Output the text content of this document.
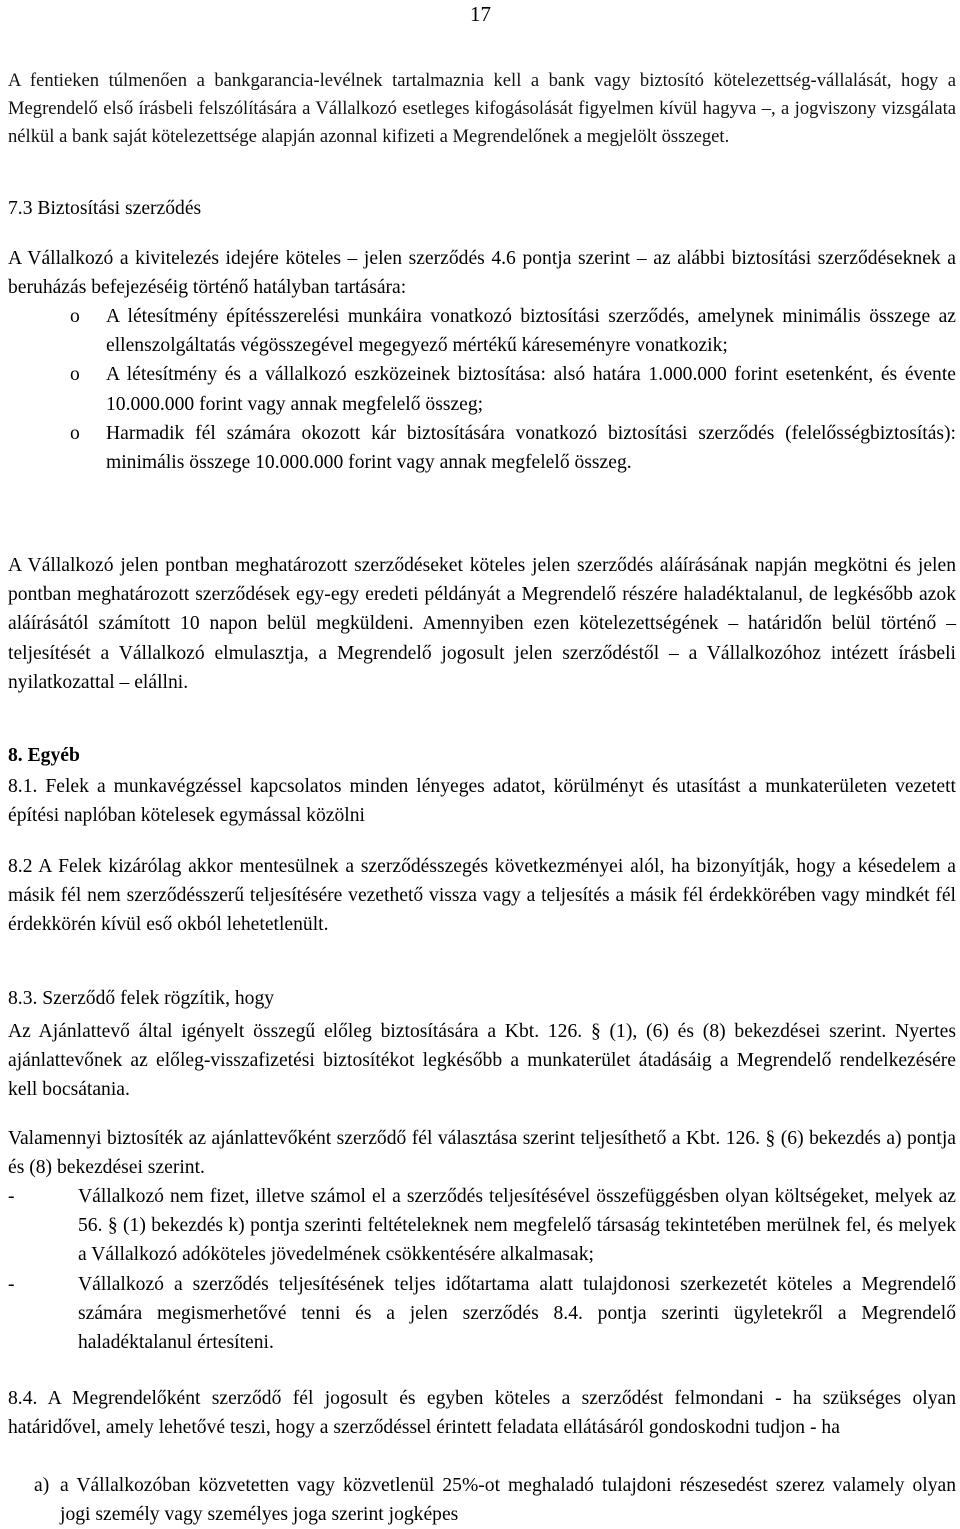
17
A fentieken túlmenően a bankgarancia-levélnek tartalmaznia kell a bank vagy biztosító kötelezettség-vállalását, hogy a Megrendelő első írásbeli felszólítására a Vállalkozó esetleges kifogásolását figyelmen kívül hagyva –, a jogviszony vizsgálata nélkül a bank saját kötelezettsége alapján azonnal kifizeti a Megrendelőnek a megjelölt összeget.
7.3 Biztosítási szerződés
A Vállalkozó a kivitelezés idejére köteles – jelen szerződés 4.6 pontja szerint – az alábbi biztosítási szerződéseknek a beruházás befejezéséig történő hatályban tartására:
o	A létesítmény építésszerelési munkáira vonatkozó biztosítási szerződés, amelynek minimális összege az ellenszolgáltatás végösszegével megegyező mértékű káreseményre vonatkozik;
o	A létesítmény és a vállalkozó eszközeinek biztosítása: alsó határa 1.000.000 forint esetenként, és évente 10.000.000 forint vagy annak megfelelő összeg;
o	Harmadik fél számára okozott kár biztosítására vonatkozó biztosítási szerződés (felelősségbiztosítás): minimális összege 10.000.000 forint vagy annak megfelelő összeg.
A Vállalkozó jelen pontban meghatározott szerződéseket köteles jelen szerződés aláírásának napján megkötni és jelen pontban meghatározott szerződések egy-egy eredeti példányát a Megrendelő részére haladéktalanul, de legkésőbb azok aláírásától számított 10 napon belül megküldeni. Amennyiben ezen kötelezettségének – határidőn belül történő – teljesítését a Vállalkozó elmulasztja, a Megrendelő jogosult jelen szerződéstől – a Vállalkozóhoz intézett írásbeli nyilatkozattal – elállni.
8. Egyéb
8.1. Felek a munkavégzéssel kapcsolatos minden lényeges adatot, körülményt és utasítást a munkaterületen vezetett építési naplóban kötelesek egymással közölni
8.2 A Felek kizárólag akkor mentesülnek a szerződésszegés következményei alól, ha bizonyítják, hogy a késedelem a másik fél nem szerződésszerű teljesítésére vezethető vissza vagy a teljesítés a másik fél érdekkörében vagy mindkét fél érdekkörén kívül eső okból lehetetlenült.
8.3. Szerződő felek rögzítik, hogy
Az Ajánlattevő által igényelt összegű előleg biztosítására a Kbt. 126. § (1), (6) és (8) bekezdései szerint. Nyertes ajánlattevőnek az előleg-visszafizetési biztosítékot legkésőbb a munkaterület átadásáig a Megrendelő rendelkezésére kell bocsátania.
Valamennyi biztosíték az ajánlattevőként szerződő fél választása szerint teljesíthető a Kbt. 126. § (6) bekezdés a) pontja és (8) bekezdései szerint.
-	Vállalkozó nem fizet, illetve számol el a szerződés teljesítésével összefüggésben olyan költségeket, melyek az 56. § (1) bekezdés k) pontja szerinti feltételeknek nem megfelelő társaság tekintetében merülnek fel, és melyek a Vállalkozó adóköteles jövedelmének csökkentésére alkalmasak;
-	Vállalkozó a szerződés teljesítésének teljes időtartama alatt tulajdonosi szerkezetét köteles a Megrendelő számára megismerhetővé tenni és a jelen szerződés 8.4. pontja szerinti ügyletekről a Megrendelő haladéktalanul értesíteni.
8.4. A Megrendelőként szerződő fél jogosult és egyben köteles a szerződést felmondani - ha szükséges olyan határidővel, amely lehetővé teszi, hogy a szerződéssel érintett feladata ellátásáról gondoskodni tudjon - ha
a) a Vállalkozóban közvetetten vagy közvetlenül 25%-ot meghaladó tulajdoni részesedést szerez valamely olyan jogi személy vagy személyes joga szerint jogképes
